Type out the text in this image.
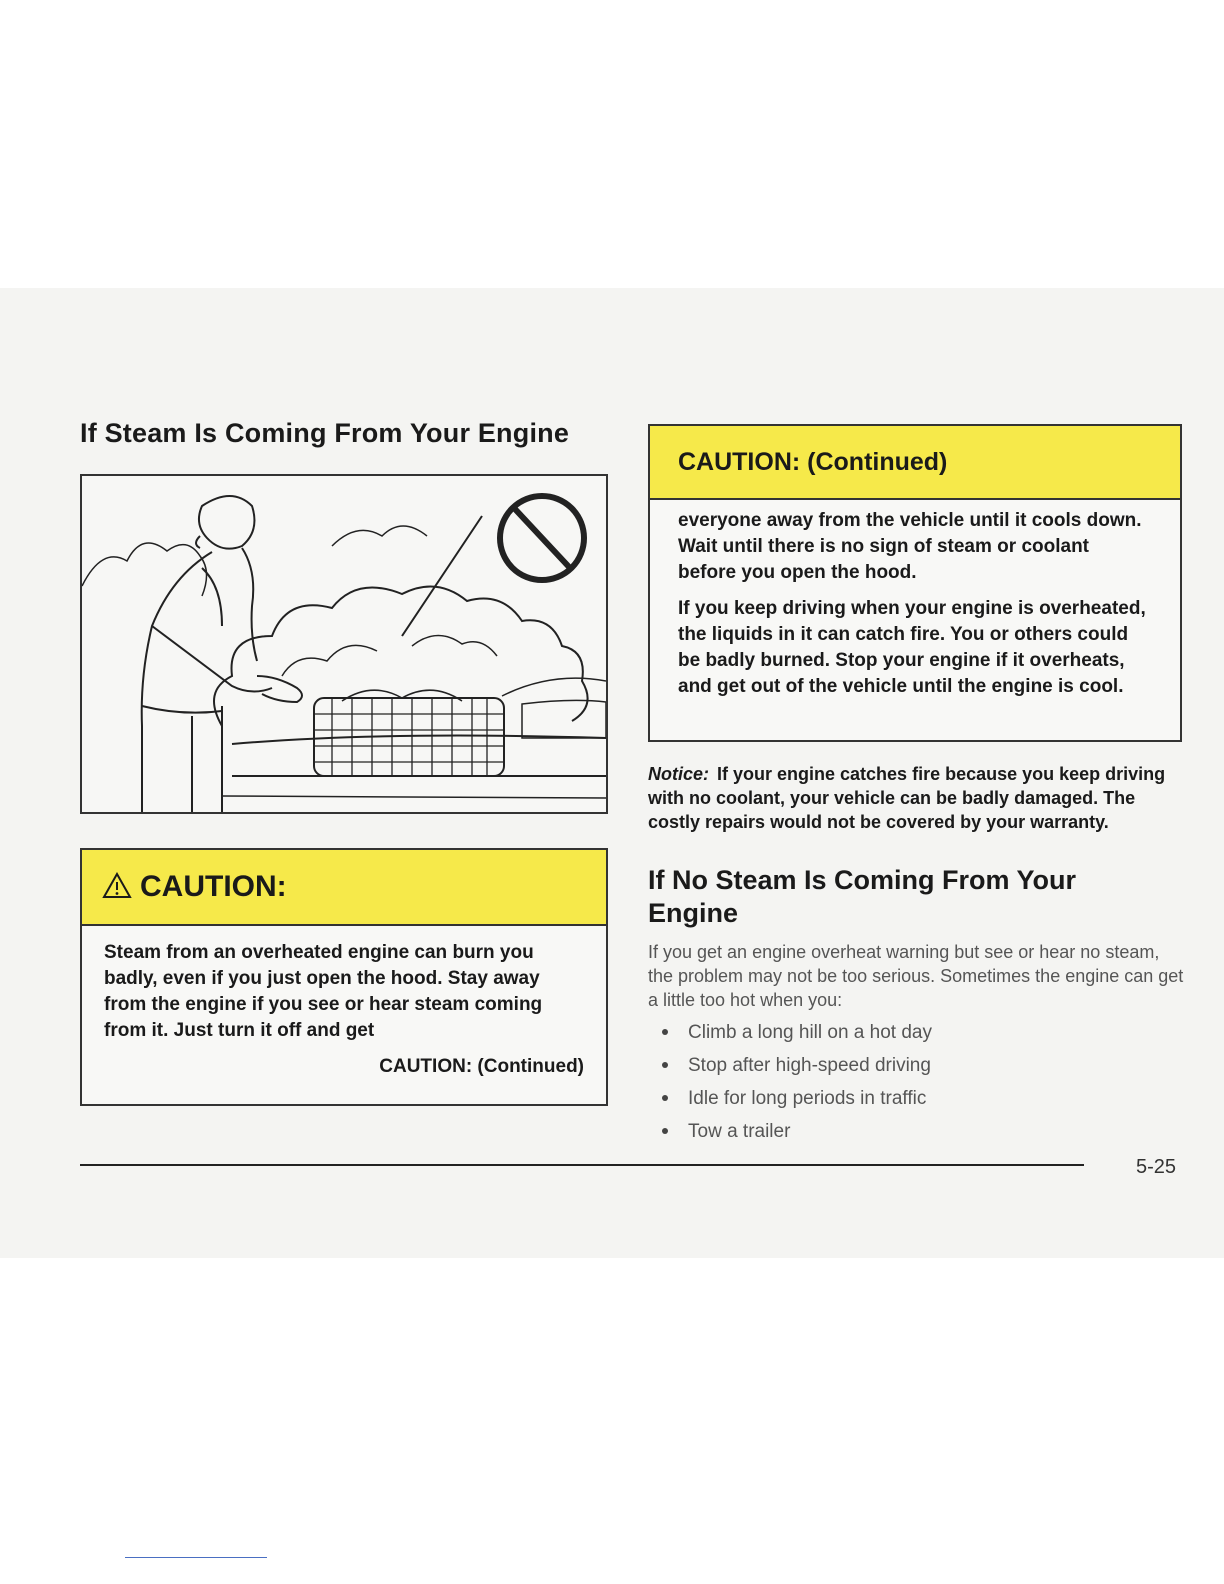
If Steam Is Coming From Your Engine
CAUTION:

Steam from an overheated engine can burn you badly, even if you just open the hood. Stay away from the engine if you see or hear steam coming from it. Just turn it off and get

CAUTION: (Continued)
CAUTION: (Continued)

everyone away from the vehicle until it cools down. Wait until there is no sign of steam or coolant before you open the hood.

If you keep driving when your engine is overheated, the liquids in it can catch fire. You or others could be badly burned. Stop your engine if it overheats, and get out of the vehicle until the engine is cool.

Notice: If your engine catches fire because you keep driving with no coolant, your vehicle can be badly damaged. The costly repairs would not be covered by your warranty.

If No Steam Is Coming From Your Engine

If you get an engine overheat warning but see or hear no steam, the problem may not be too serious. Sometimes the engine can get a little too hot when you:

Climb a long hill on a hot day
Stop after high-speed driving
Idle for long periods in traffic
Tow a trailer
5-25
